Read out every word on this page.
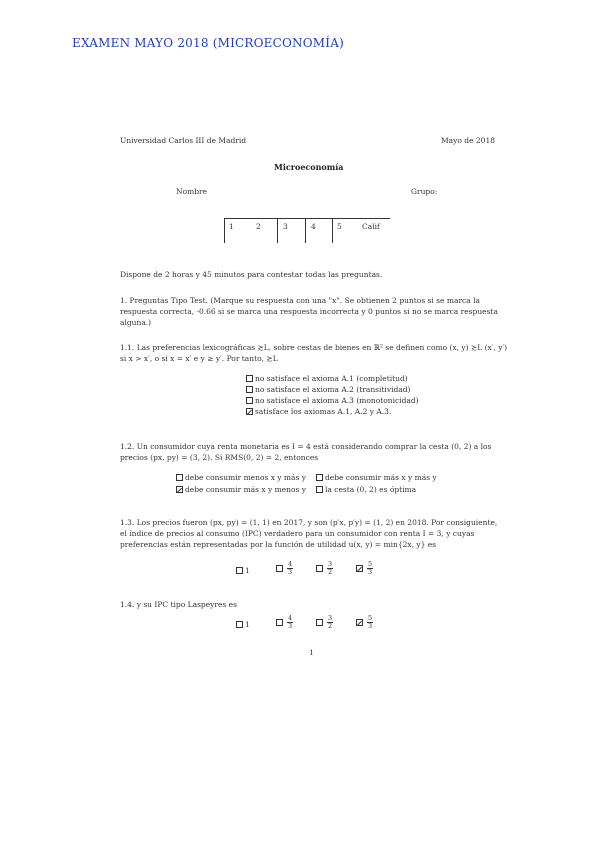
EXAMEN MAYO 2018 (MICROECONOMÍA)
Universidad Carlos III de Madrid	Mayo de 2018
Microeconomía
Nombre	Grupo:
1	2	3	4	5	Calif
Dispone de 2 horas y 45 minutos para contestar todas las preguntas.
1. Preguntas Tipo Test. (Marque su respuesta con una "x". Se obtienen 2 puntos si se marca la
respuesta correcta, -0.66 si se marca una respuesta incorrecta y 0 puntos si no se marca respuesta
alguna.)
1.1. Las preferencias lexicográficas ≿L, sobre cestas de bienes en ℝ² se definen como (x, y) ≿L (x′, y′)
si x > x′, o si x = x′ e y ≥ y′. Por tanto, ≿L
no satisface el axioma A.1 (completitud)
no satisface el axioma A.2 (transitividad)
no satisface el axioma A.3 (monotonicidad)
satisface los axiomas A.1, A.2 y A.3.
1.2. Un consumidor cuya renta monetaria es I = 4 está considerando comprar la cesta (0, 2) a los
precios (px, py) = (3, 2). Si RMS(0, 2) = 2, entonces
debe consumir menos x y más y	debe consumir más x y más y
debe consumir más x y menos y	la cesta (0, 2) es óptima
1.3. Los precios fueron (px, py) = (1, 1) en 2017, y son (p′x, p′y) = (1, 2) en 2018. Por consiguiente,
el índice de precios al consumo (IPC) verdadero para un consumidor con renta I = 3, y cuyas
preferencias están representadas por la función de utilidad u(x, y) = min{2x, y} es
1	$\frac{4}{3}$	$\frac{3}{2}$	$\frac{5}{3}$
1.4. y su IPC tipo Laspeyres es
1	$\frac{4}{3}$	$\frac{3}{2}$	$\frac{5}{3}$
1
